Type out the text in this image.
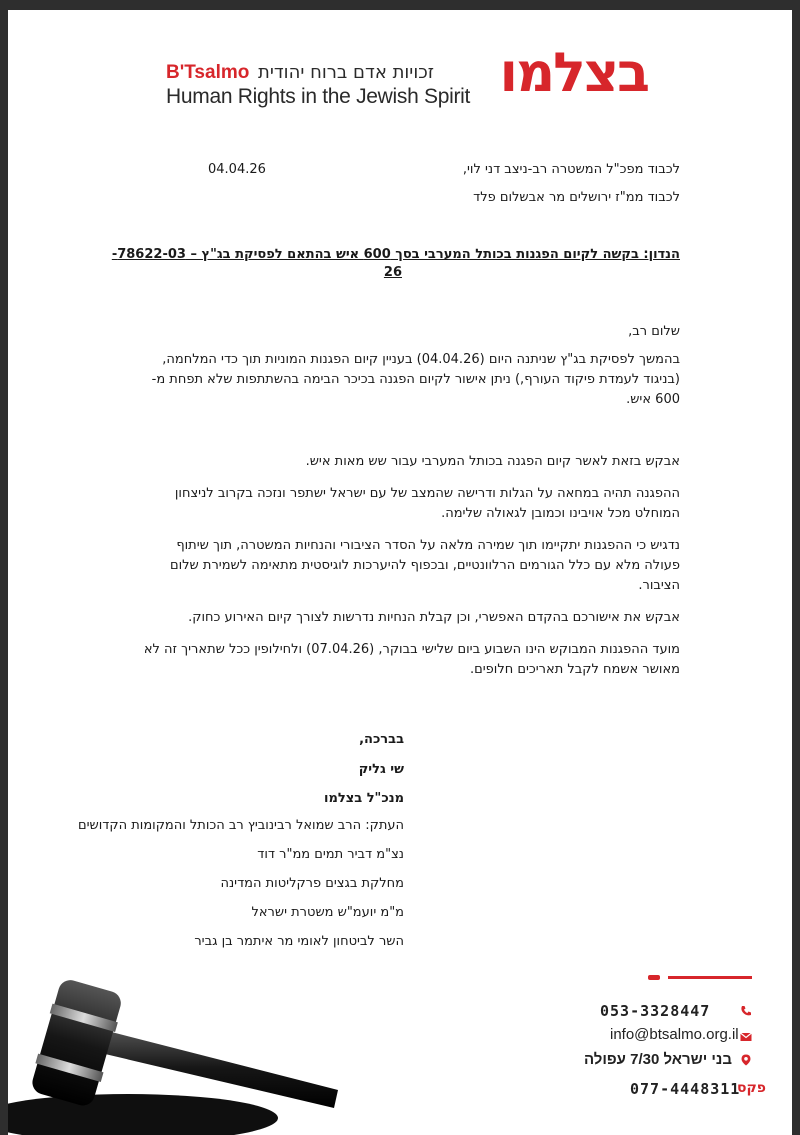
בצלמו
B'Tsalmo זכויות אדם ברוח יהודית
Human Rights in the Jewish Spirit
04.04.26	לכבוד מפכ"ל המשטרה רב-ניצב דני לוי,
לכבוד ממ"ז ירושלים מר אבשלום פלד
הנדון: בקשה לקיום הפגנות בכותל המערבי בסך 600 איש בהתאם לפסיקת בג"ץ – 78622-03-
26
שלום רב,
בהמשך לפסיקת בג"ץ שניתנה היום (04.04.26) בעניין קיום הפגנות המוניות תוך כדי המלחמה,
(בניגוד לעמדת פיקוד העורף,) ניתן אישור לקיום הפגנה בכיכר הבימה בהשתתפות שלא תפחת מ-
600 איש.
אבקש בזאת לאשר קיום הפגנה בכותל המערבי עבור שש מאות איש.
ההפגנה תהיה במחאה על הגלות ודרישה שהמצב של עם ישראל ישתפר ונזכה בקרוב לניצחון
המוחלט מכל אויבינו וכמובן לגאולה שלימה.
נדגיש כי ההפגנות יתקיימו תוך שמירה מלאה על הסדר הציבורי והנחיות המשטרה, תוך שיתוף
פעולה מלא עם כלל הגורמים הרלוונטיים, ובכפוף להיערכות לוגיסטית מתאימה לשמירת שלום
הציבור.
אבקש את אישורכם בהקדם האפשרי, וכן קבלת הנחיות נדרשות לצורך קיום האירוע כחוק.
מועד ההפגנות המבוקש הינו השבוע ביום שלישי בבוקר, (07.04.26) ולחילופין ככל שתאריך זה לא
מאושר אשמח לקבל תאריכים חלופים.
בברכה,
שי גליק
מנכ"ל בצלמו
העתק: הרב שמואל רבינוביץ רב הכותל והמקומות הקדושים
נצ"מ דביר תמים ממ"ר דוד
מחלקת בגצים פרקליטות המדינה
מ"מ יועמ"ש משטרת ישראל
השר לביטחון לאומי מר איתמר בן גביר
053-3328447
info@btsalmo.org.il
בני ישראל 7/30 עפולה
077-4448311
פקס
